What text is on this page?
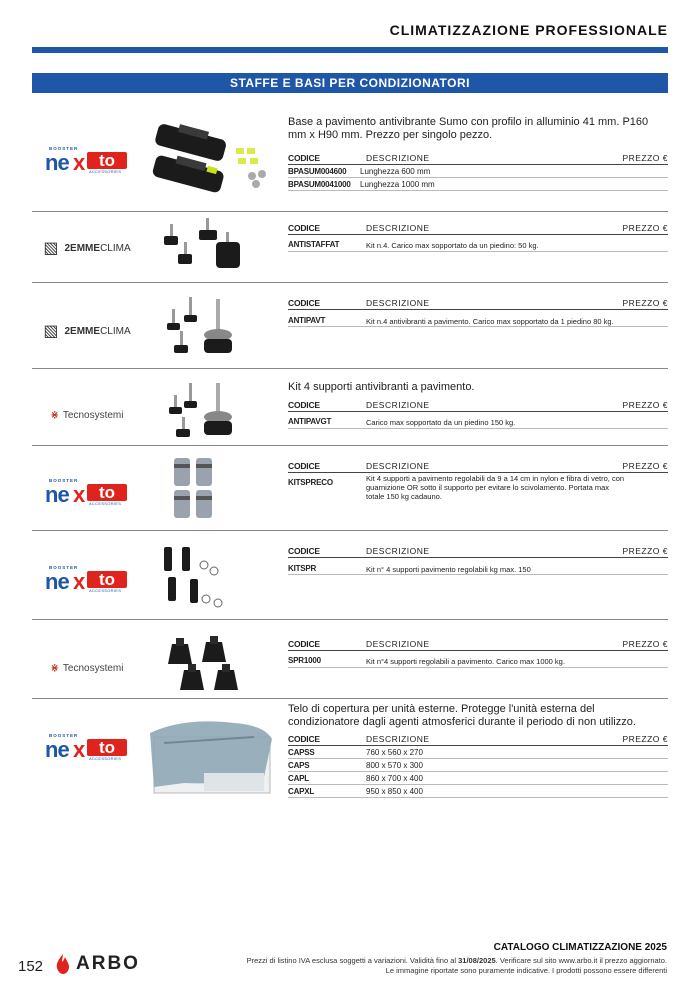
CLIMATIZZAZIONE PROFESSIONALE
STAFFE E BASI PER CONDIZIONATORI
BOOSTER
ne x to
ACCESSORIES
Base a pavimento antivibrante Sumo con profilo in alluminio 41 mm. P160 mm x H90 mm. Prezzo per singolo pezzo.
CODICE	DESCRIZIONE	PREZZO €
BPASUM004600 Lunghezza 600 mm
BPASUM0041000 Lunghezza 1000 mm
▧ 2EMMECLIMA
CODICE	DESCRIZIONE	PREZZO €
ANTISTAFFAT	Kit n.4. Carico max sopportato da un piedino: 50 kg.
▧ 2EMMECLIMA
CODICE	DESCRIZIONE	PREZZO €
ANTIPAVT	Kit n.4 antivibranti a pavimento. Carico max sopportato da 1 piedino 80 kg.
⋇ Tecnosystemi
Kit 4 supporti antivibranti a pavimento.
CODICE	DESCRIZIONE	PREZZO €
ANTIPAVGT	Carico max sopportato da un piedino 150 kg.
BOOSTER
ne x to
ACCESSORIES
CODICE	DESCRIZIONE	PREZZO €
KITSPRECO	Kit 4 supporti a pavimento regolabili da 9 a 14 cm in nylon e fibra di vetro, con guarnizione OR sotto il supporto per evitare lo scivolamento. Portata max totale 150 kg cadauno.
BOOSTER
ne x to
ACCESSORIES
CODICE	DESCRIZIONE	PREZZO €
KITSPR	Kit n° 4 supporti pavimento regolabili kg max. 150
⋇ Tecnosystemi
CODICE	DESCRIZIONE	PREZZO €
SPR1000	Kit n°4 supporti regolabili a pavimento. Carico max 1000 kg.
BOOSTER
ne x to
ACCESSORIES
Telo di copertura per unità esterne. Protegge l'unità esterna del condizionatore dagli agenti atmosferici durante il periodo di non utilizzo.
CODICE	DESCRIZIONE	PREZZO €
CAPSS	760 x 560 x 270
CAPS	800 x 570 x 300
CAPL	860 x 700 x 400
CAPXL	950 x 850 x 400
152 ARBO
CATALOGO CLIMATIZZAZIONE 2025
Prezzi di listino IVA esclusa soggetti a variazioni. Validità fino al 31/08/2025. Verificare sul sito www.arbo.it il prezzo aggiornato.
Le immagine riportate sono puramente indicative. I prodotti possono essere differenti
